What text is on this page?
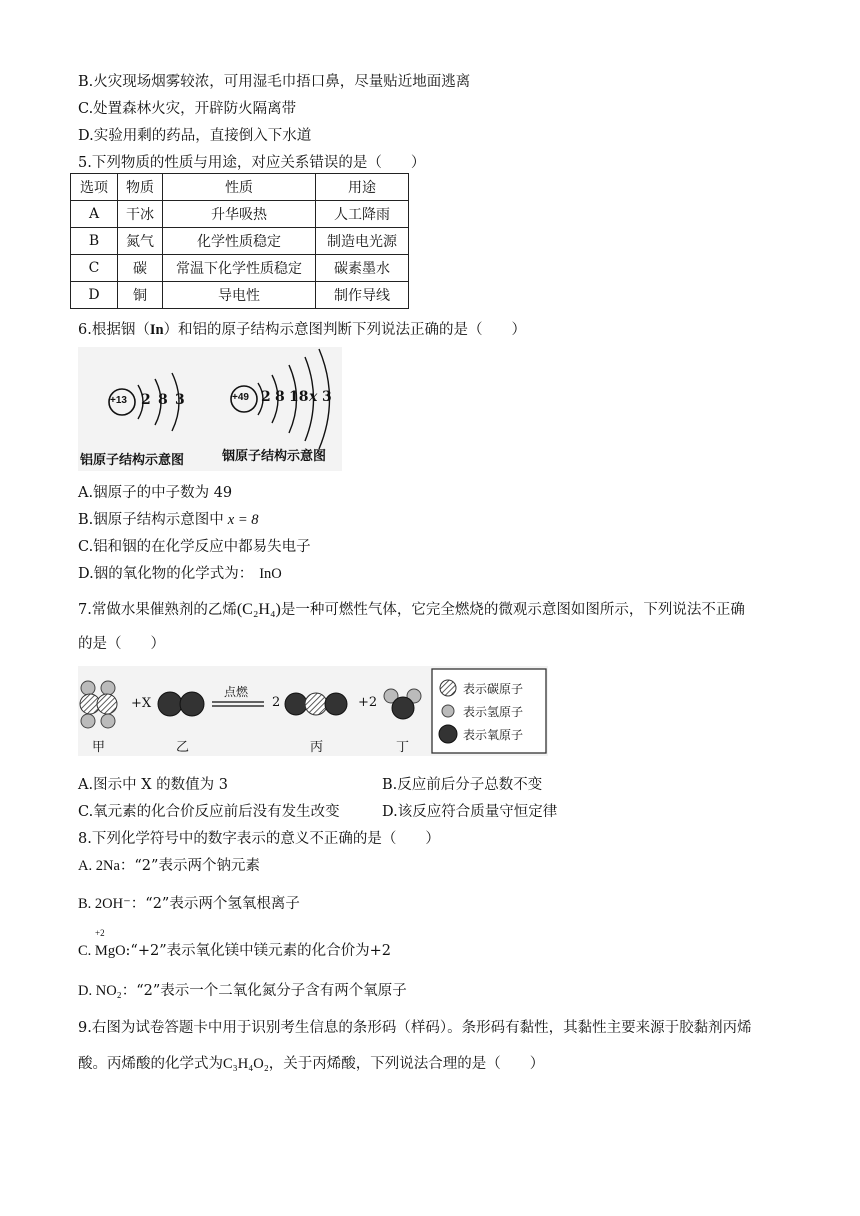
B.火灾现场烟雾较浓，可用湿毛巾捂口鼻，尽量贴近地面逃离
C.处置森林火灾，开辟防火隔离带
D.实验用剩的药品，直接倒入下水道
5.下列物质的性质与用途，对应关系错误的是（　　）
选项	物质	性质	用途
A	干冰	升华吸热	人工降雨
B	氮气	化学性质稳定	制造电光源
C	碳	常温下化学性质稳定	碳素墨水
D	铜	导电性	制作导线
6.根据铟（In）和铝的原子结构示意图判断下列说法正确的是（　　）
+13 2 8 3	+49 2 8 18 x 3
铝原子结构示意图	铟原子结构示意图
A.铟原子的中子数为 49
B.铟原子结构示意图中 x = 8
C.铝和铟的在化学反应中都易失电子
D.铟的氧化物的化学式为： InO
7.常做水果催熟剂的乙烯(C₂H₄)是一种可燃性气体，它完全燃烧的微观示意图如图所示，下列说法不正确
的是（　　）
+X
点燃
2	+2
甲	乙	丙	丁
表示碳原子
表示氢原子
表示氧原子
A.图示中 X 的数值为 3	B.反应前后分子总数不变
C.氧元素的化合价反应前后没有发生改变	D.该反应符合质量守恒定律
8.下列化学符号中的数字表示的意义不正确的是（　　）
A. 2Na：“2”表示两个钠元素
B. 2OH⁻：“2”表示两个氢氧根离子
+2
C. MgO:“+2”表示氧化镁中镁元素的化合价为+2
D. NO₂：“2”表示一个二氧化氮分子含有两个氧原子
9.右图为试卷答题卡中用于识别考生信息的条形码（样码）。条形码有黏性，其黏性主要来源于胶黏剂丙烯
酸。丙烯酸的化学式为C₃H₄O₂，关于丙烯酸，下列说法合理的是（　　）
